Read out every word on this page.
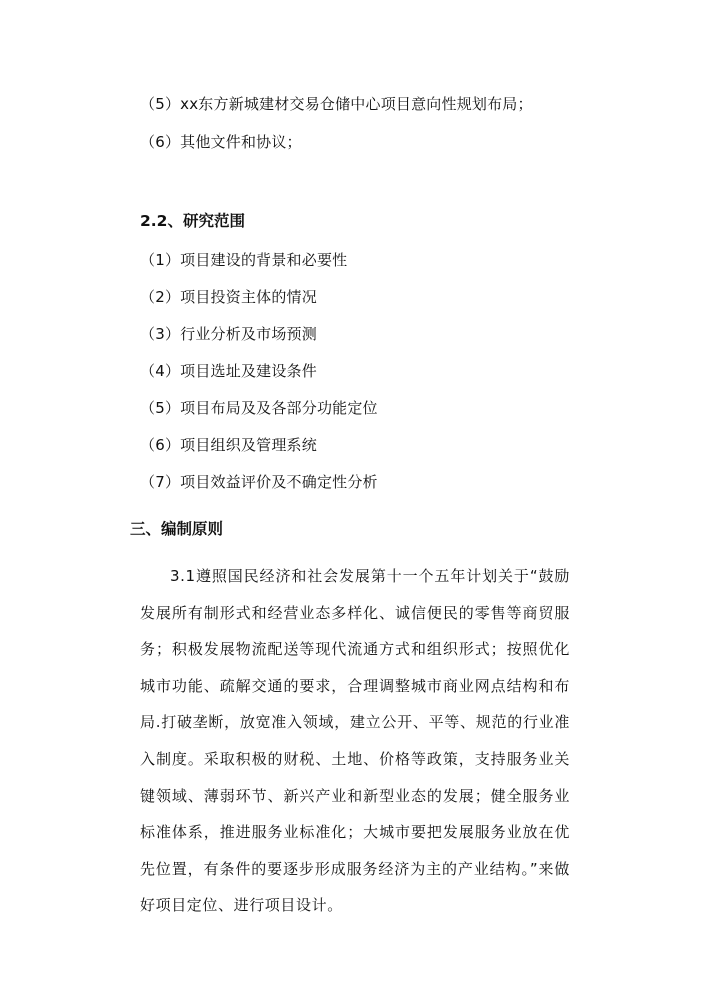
（5）xx东方新城建材交易仓储中心项目意向性规划布局；
（6）其他文件和协议；
2.2、研究范围
（1）项目建设的背景和必要性
（2）项目投资主体的情况
（3）行业分析及市场预测
（4）项目选址及建设条件
（5）项目布局及及各部分功能定位
（6）项目组织及管理系统
（7）项目效益评价及不确定性分析
三、编制原则
3.1遵照国民经济和社会发展第十一个五年计划关于“鼓励发展所有制形式和经营业态多样化、诚信便民的零售等商贸服务；积极发展物流配送等现代流通方式和组织形式；按照优化城市功能、疏解交通的要求，合理调整城市商业网点结构和布局.打破垄断，放宽准入领域，建立公开、平等、规范的行业准入制度。采取积极的财税、土地、价格等政策，支持服务业关键领域、薄弱环节、新兴产业和新型业态的发展；健全服务业标准体系，推进服务业标准化；大城市要把发展服务业放在优先位置，有条件的要逐步形成服务经济为主的产业结构。”来做好项目定位、进行项目设计。
